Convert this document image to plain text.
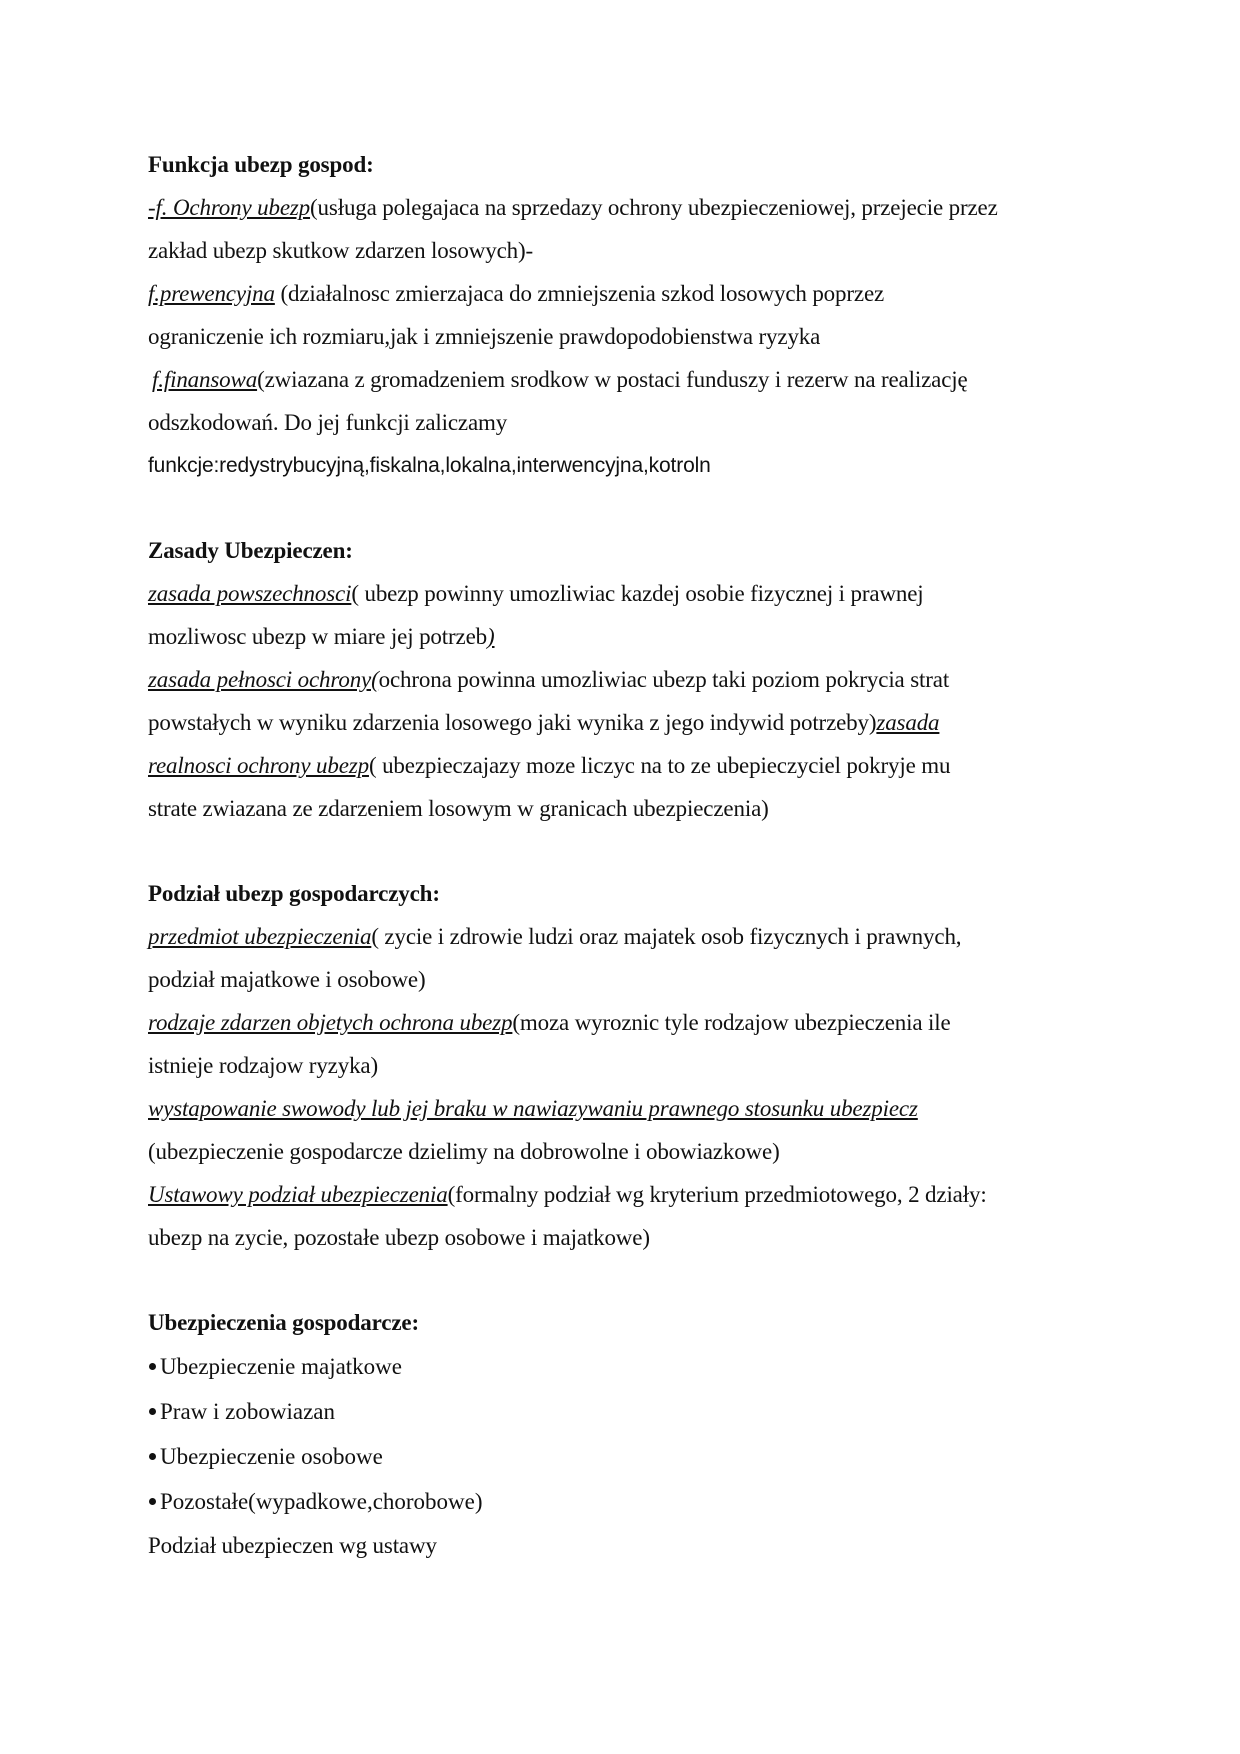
Funkcja ubezp gospod:
-f. Ochrony ubezp(usługa polegajaca na sprzedazy ochrony ubezpieczeniowej, przejecie przez
zakład ubezp skutkow zdarzen losowych)-
f.prewencyjna (działalnosc zmierzajaca do zmniejszenia szkod losowych poprzez
ograniczenie ich rozmiaru,jak i zmniejszenie prawdopodobienstwa ryzyka
f.finansowa(zwiazana z gromadzeniem srodkow w postaci funduszy i rezerw na realizację
odszkodowań. Do jej funkcji zaliczamy
funkcje:redystrybucyjną,fiskalna,lokalna,interwencyjna,kotroln
Zasady Ubezpieczen:
zasada powszechnosci( ubezp powinny umozliwiac kazdej osobie fizycznej i prawnej
mozliwosc ubezp w miare jej potrzeb)
zasada pełnosci ochrony(ochrona powinna umozliwiac ubezp taki poziom pokrycia strat
powstałych w wyniku zdarzenia losowego jaki wynika z jego indywid potrzeby)zasada
realnosci ochrony ubezp( ubezpieczajazy moze liczyc na to ze ubepieczyciel pokryje mu
strate zwiazana ze zdarzeniem losowym w granicach ubezpieczenia)
Podział ubezp gospodarczych:
przedmiot ubezpieczenia( zycie i zdrowie ludzi oraz majatek osob fizycznych i prawnych,
podział majatkowe i osobowe)
rodzaje zdarzen objetych ochrona ubezp(moza wyroznic tyle rodzajow ubezpieczenia ile
istnieje rodzajow ryzyka)
wystapowanie swowody lub jej braku w nawiazywaniu prawnego stosunku ubezpiecz
(ubezpieczenie gospodarcze dzielimy na dobrowolne i obowiazkowe)
Ustawowy podział ubezpieczenia(formalny podział wg kryterium przedmiotowego, 2 działy:
ubezp na zycie, pozostałe ubezp osobowe i majatkowe)
Ubezpieczenia gospodarcze:
Ubezpieczenie majatkowe
Praw i zobowiazan
Ubezpieczenie osobowe
Pozostałe(wypadkowe,chorobowe)
Podział ubezpieczen wg ustawy
